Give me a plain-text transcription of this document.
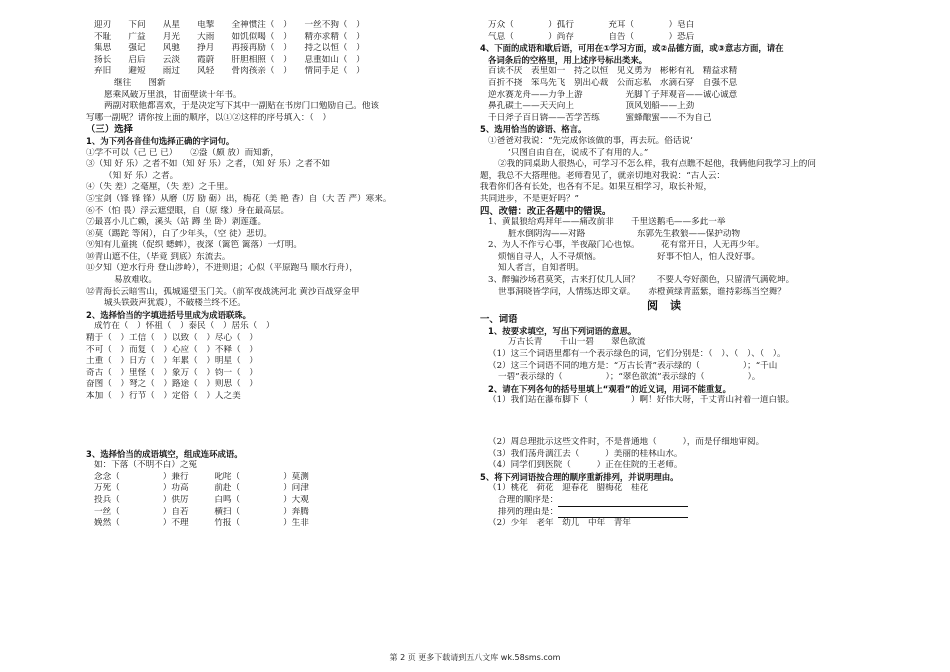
迎刃　　下问　　从星　　电掣　　全神惯注（　）　　一丝不狗（　）
不耻　　广益　　月光　　大雨　　如饥似喝（　）　　精亦求精（　）
集思　　强记　　风驰　　挣月　　再接再励（　）　　持之以恒（　）
扬长　　启后　　云淡　　霞蔚　　肝胆相照（　）　　息重如山（　）
弃旧　　避短　　雨过　　风轻　　骨肉孩亲（　）　　情同手足（　）
继往　　图新
愿乘风破万里浪，甘面壁读十年书。
两副对联他都喜欢，于是决定写下其中一副贴在书房门口勉励自己。他该
写哪一副呢？请你按上面的顺序，以①②这样的序号填入：（　）
（三）选择
1、为下列各音佳句选择正确的字词句。
①学不可以（己 已 已）　　②盎（颇 放）而知新，
③（知 好 乐）之者不如（知 好 乐）之者，（知 好 乐）之者不如
（知 好 乐）之者。
④（失 差）之毫厘，（失 差）之千里。
⑤宝剑（锋 锋 锋）从磨（厉 励 砺）出，梅花（美 艳 香）自（大 苦 严）寒来。
⑥不（怕 畏）浮云遮望眼，自（原 缘）身在最高层。
⑦最喜小儿亡赖，溪头（站 蹲 坐 卧）剥莲蓬。
⑧莫（踢跎 等闲），白了少年头，（空 徒）悲切。
⑨知有儿童挑（促织 蟋蟀），夜深（篱笆 篱落）一灯明。
⑩青山遮不住，（毕竟 到底）东流去。
⑪夕知（逆水行舟 登山涉岭），不进则退；心似（平原跑马 顺水行舟），
易放难收。
⑫青海长云暗雪山，孤城遥望玉门关。（前军夜战洮河北 黄沙百战穿金甲
城头铁鼓声犹震），不破楼兰终不还。
2、选择恰当的字填进括号里成为成语联珠。
成竹在（　）怀祖（　）泰民（　）居乐（　）
精于（　）工信（　）以致（　）尽心（　）
不可（　）而复（　）心应（　）不释（　）
土重（　）日方（　）年累（　）明星（　）
奇古（　）里怪（　）象万（　）钧一（　）
奋图（　）弩之（　）路途（　）则思（　）
本加（　）行节（　）定俗（　）人之美
3、选择恰当的成语填空，组成连环成语。
如：下落（不明不白）之冤
念念（　　　　　）兼行　　　叱咤（　　　　　）莫测
万死（　　　　　）功高　　　前赴（　　　　　）问津
投兵（　　　　　）供厉　　　白鸣（　　　　　）大观
一丝（　　　　　）自若　　　横扫（　　　　　）奔腾
娩然（　　　　　）不理　　　竹报（　　　　　）生非
万众（　　　　）孤行　　　　充耳（　　　　）皂白
气息（　　　　）尚存　　　　自告（　　　　）恐后
4、下面的成语和歇后语，可用在①学习方面，或②品德方面，或③意志方面，请在
各词条后的空格里，用上述序号标出类来。
百读不厌　表里如一　持之以恒　见义勇为　彬彬有礼　精益求精
百折不挠　笨鸟先飞　别出心裁　公而忘私　水滴石穿　自强不息
逆水赛龙舟——力争上游　　　　　光脚丫子拜观音——诚心诚意
鼻孔碳土——天天向上　　　　　　顶风划船——上劲
千日斧子百日锛——苦学苦练　　　蜜蜂酿蜜——不为自己
5、选用恰当的谚语、格言。
①爸爸对我说：“先完成你该做的事，再去玩。俗话说‘
’只图自由自在，说成不了有用的人。”
②我的同桌助人很热心，可学习不怎么样，我有点瞧不起他，我俩他问我学习上的问
题，我总不大搭理他。老师看见了，就亲切地对我说：“古人云：
我看你们各有长处，也各有不足。如果互相学习，取长补短，
共同进步，不是更好吗？”
四、改错：改正各题中的错误。
1、黄鼠狼给鸡拜年——痛改前非　　千里送鹅毛——多此一举
脏水倒阴沟——对路　　　　　　东郭先生救狼——保护动物
2、为人不作亏心事，半夜敲门心也惊。　　　花有常开日，人无再少年。
烦恼自寻人，人不寻烦恼。　　　　　　　好事不怕人，怕人没好事。
知人者言，自知者明。
3、醉骗沙场君莫笑，古来打仗几人回？　　不要人夸好颜色，只留清气满乾坤。
世事洞晓皆学问，人情练达即文章。　　赤橙黄绿青蓝紫，谁持彩练当空舞？
阅读
一、词语
1、按要求填空，写出下列词语的意思。
万古长青　　千山一碧　　翠色欲流
（1）这三个词语里都有一个表示绿色的词，它们分别是：（　）、（　）、（　）。
（2）这三个词语不同的地方是：“万古长青”表示绿的（　　　　　）；“千山
一碧”表示绿的（　　　　　）；“翠色欲流”表示绿的（　　　　　）。
2、请在下列各句的括号里填上“观看”的近义词，用词不能重复。
（1）我们站在瀑布脚下（　　　　　）啊！好伟大呀，千丈青山衬着一道白银。
（2）周总理批示这些文件时，不是普通地（　　　），而是仔细地审阅。
（3）我们荡舟漓江去（　　　）美丽的桂林山水。
（4）同学们到医院（　　　）正在住院的王老师。
5、将下列词语按合理的顺序重新排列，并说明理由。
（1）桃花　荷花　迎春花　腊梅花　桂花
合理的顺序是：
排列的理由是：
（2）少年　老年　幼儿　中年　青年
第 2 页 更多下载请到五八文库 wk.58sms.com
